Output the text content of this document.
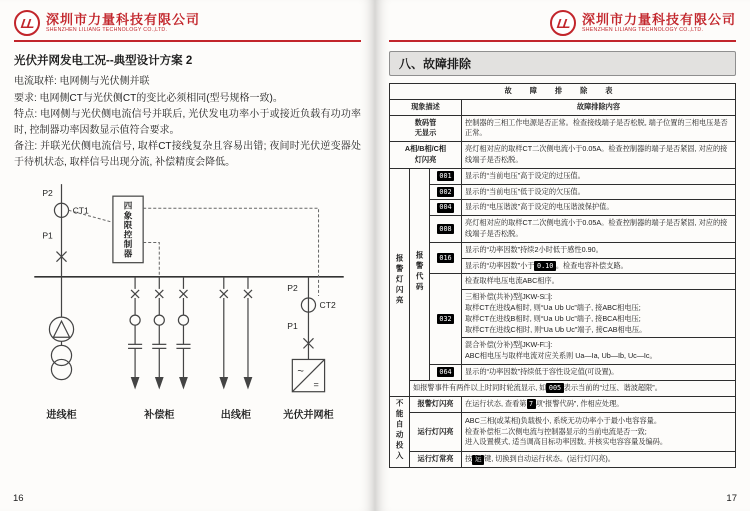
LL 深圳市力量科技有限公司
SHENZHEN LILIANG TECHNOLOGY CO.,LTD.
光伏并网发电工况--典型设计方案 2

电流取样: 电网侧与光伏侧并联

要求: 电网侧CT与光伏侧CT的变比必须相同(型号规格一致)。

特点: 电网侧与光伏侧电流信号并联后, 光伏发电功率小于或接近负载有功功率时, 控制器功率因数显示值符合要求。

备注: 并联光伏侧电流信号, 取样CT接线复杂且容易出错; 夜间时光伏逆变器处于待机状态, 取样信号出现分流, 补偿精度会降低。

P2
CT1
P1	四象限控制器
P2
CT2
P1
~
=
进线柜	补偿柜	出线柜	光伏并网柜
16
LL 深圳市力量科技有限公司
SHENZHEN LILIANG TECHNOLOGY CO.,LTD.
八、故障排除
故 障 排 除 表			
现象描述			故障排除内容

数码管
无显示			控制器的三相工作电源是否正常。检查接线端子是否松脱, 端子位置的三相电压是否正常。

A相/B相/C相
灯闪亮			亮灯相对应的取样CT二次侧电流小于0.05A。检查控制器的端子是否紧固, 对应的接线端子是否松脱。
报警灯闪亮	报警代码	001	显示的“当前电压”高于设定的过压值。
		002	显示的“当前电压”低于设定的欠压值。
		004	显示的“电压谐波”高于设定的电压谐波保护值。
		008	亮灯相对应的取样CT二次侧电流小于0.05A。检查控制器的端子是否紧固, 对应的接线端子是否松脱。
		016	显示的“功率因数”持续2小时低于感性0.90。
			显示的“功率因数”小于 0.10 。检查电容补偿支路。
		032	检查取样电压电流ABC相序。

			三相补偿(共补)型[JKW-S□]:
取样CT在进线A相时, 则“Ua Ub Uc”端子, 接ABC相电压;
取样CT在进线B相时, 则“Ua Ub Uc”端子, 接BCA相电压;
取样CT在进线C相时, 则“Ua Ub Uc”端子, 接CAB相电压。

			混合补偿(分补)型[JKW-F□]:
ABC相电压与取样电流对应关系则 Ua—Ia, Ub—Ib, Uc—Ic。

		064	显示的“功率因数”持续低于容性设定值(可设置)。
	如报警事件有两件以上时同时轮流显示, 如 005 表示当前的“过压、谐波超限”。		
不能自动投入	报警灯闪亮		在运行状态, 查看第 7 项“报警代码”, 作相应处理。
	运行灯闪亮		ABC三相(或某相)负载极小, 系统无功功率小于最小电容容量。
检查补偿柜二次侧电流与控制器显示的当前电流是否一致;
进入设置模式, 适当调高目标功率因数, 并核实电容容量及编码。

	运行灯常亮		按 运 键, 切换到自动运行状态。(运行灯闪亮)。
17
